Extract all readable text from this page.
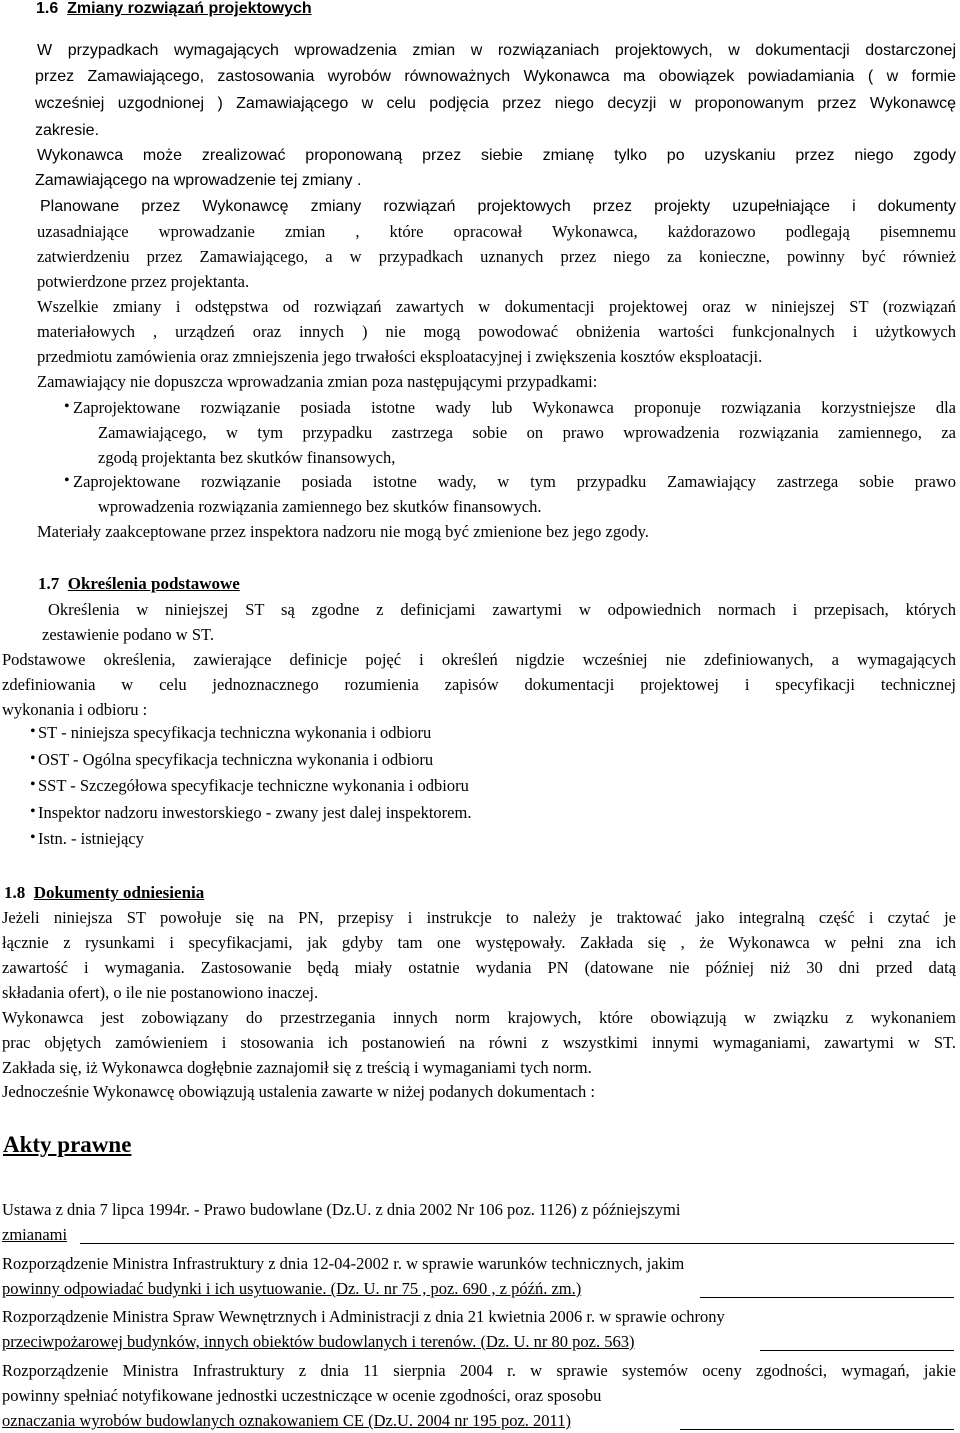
1.6 Zmiany rozwiązań projektowych
W przypadkach wymagających wprowadzenia zmian w rozwiązaniach projektowych, w dokumentacji dostarczonej
przez Zamawiającego, zastosowania wyrobów równoważnych Wykonawca ma obowiązek powiadamiania ( w formie
wcześniej uzgodnionej ) Zamawiającego w celu podjęcia przez niego decyzji w proponowanym przez Wykonawcę
zakresie.
Wykonawca może zrealizować proponowaną przez siebie zmianę tylko po uzyskaniu przez niego zgody
Zamawiającego na wprowadzenie tej zmiany .
Planowane przez Wykonawcę zmiany rozwiązań projektowych przez projekty uzupełniające i dokumenty
uzasadniające wprowadzanie zmian , które opracował Wykonawca, każdorazowo podlegają pisemnemu
zatwierdzeniu przez Zamawiającego, a w przypadkach uznanych przez niego za konieczne, powinny być również
potwierdzone przez projektanta.
Wszelkie zmiany i odstępstwa od rozwiązań zawartych w dokumentacji projektowej oraz w niniejszej ST (rozwiązań
materiałowych , urządzeń oraz innych ) nie mogą powodować obniżenia wartości funkcjonalnych i użytkowych
przedmiotu zamówienia oraz zmniejszenia jego trwałości eksploatacyjnej i zwiększenia kosztów eksploatacji.
Zamawiający nie dopuszcza wprowadzania zmian poza następującymi przypadkami:
• Zaprojektowane rozwiązanie posiada istotne wady lub Wykonawca proponuje rozwiązania korzystniejsze dla
Zamawiającego, w tym przypadku zastrzega sobie on prawo wprowadzenia rozwiązania zamiennego, za
zgodą projektanta bez skutków finansowych,
• Zaprojektowane rozwiązanie posiada istotne wady, w tym przypadku Zamawiający zastrzega sobie prawo
wprowadzenia rozwiązania zamiennego bez skutków finansowych.
Materiały zaakceptowane przez inspektora nadzoru nie mogą być zmienione bez jego zgody.
1.7 Określenia podstawowe
Określenia w niniejszej ST są zgodne z definicjami zawartymi w odpowiednich normach i przepisach, których
zestawienie podano w ST.
Podstawowe określenia, zawierające definicje pojęć i określeń nigdzie wcześniej nie zdefiniowanych, a wymagających
zdefiniowania w celu jednoznacznego rozumienia zapisów dokumentacji projektowej i specyfikacji technicznej
wykonania i odbioru :
• ST - niniejsza specyfikacja techniczna wykonania i odbioru
• OST - Ogólna specyfikacja techniczna wykonania i odbioru
• SST - Szczegółowa specyfikacje techniczne wykonania i odbioru
• Inspektor nadzoru inwestorskiego - zwany jest dalej inspektorem.
• Istn. - istniejący
1.8 Dokumenty odniesienia
Jeżeli niniejsza ST powołuje się na PN, przepisy i instrukcje to należy je traktować jako integralną część i czytać je
łącznie z rysunkami i specyfikacjami, jak gdyby tam one występowały. Zakłada się , że Wykonawca w pełni zna ich
zawartość i wymagania. Zastosowanie będą miały ostatnie wydania PN (datowane nie później niż 30 dni przed datą
składania ofert), o ile nie postanowiono inaczej.
Wykonawca jest zobowiązany do przestrzegania innych norm krajowych, które obowiązują w związku z wykonaniem
prac objętych zamówieniem i stosowania ich postanowień na równi z wszystkimi innymi wymaganiami, zawartymi w ST.
Zakłada się, iż Wykonawca dogłębnie zaznajomił się z treścią i wymaganiami tych norm.
Jednocześnie Wykonawcę obowiązują ustalenia zawarte w niżej podanych dokumentach :
Akty prawne
Ustawa z dnia 7 lipca 1994r. - Prawo budowlane (Dz.U. z dnia 2002 Nr 106 poz. 1126) z późniejszymi
zmianami
Rozporządzenie Ministra Infrastruktury z dnia 12-04-2002 r. w sprawie warunków technicznych, jakim
powinny odpowiadać budynki i ich usytuowanie. (Dz. U. nr 75 , poz. 690 , z późń. zm.)
Rozporządzenie Ministra Spraw Wewnętrznych i Administracji z dnia 21 kwietnia 2006 r. w sprawie ochrony
przeciwpożarowej budynków, innych obiektów budowlanych i terenów. (Dz. U. nr 80 poz. 563)
Rozporządzenie Ministra Infrastruktury z dnia 11 sierpnia 2004 r. w sprawie systemów oceny zgodności, wymagań, jakie
powinny spełniać notyfikowane jednostki uczestniczące w ocenie zgodności, oraz sposobu
oznaczania wyrobów budowlanych oznakowaniem CE (Dz.U. 2004 nr 195 poz. 2011)
